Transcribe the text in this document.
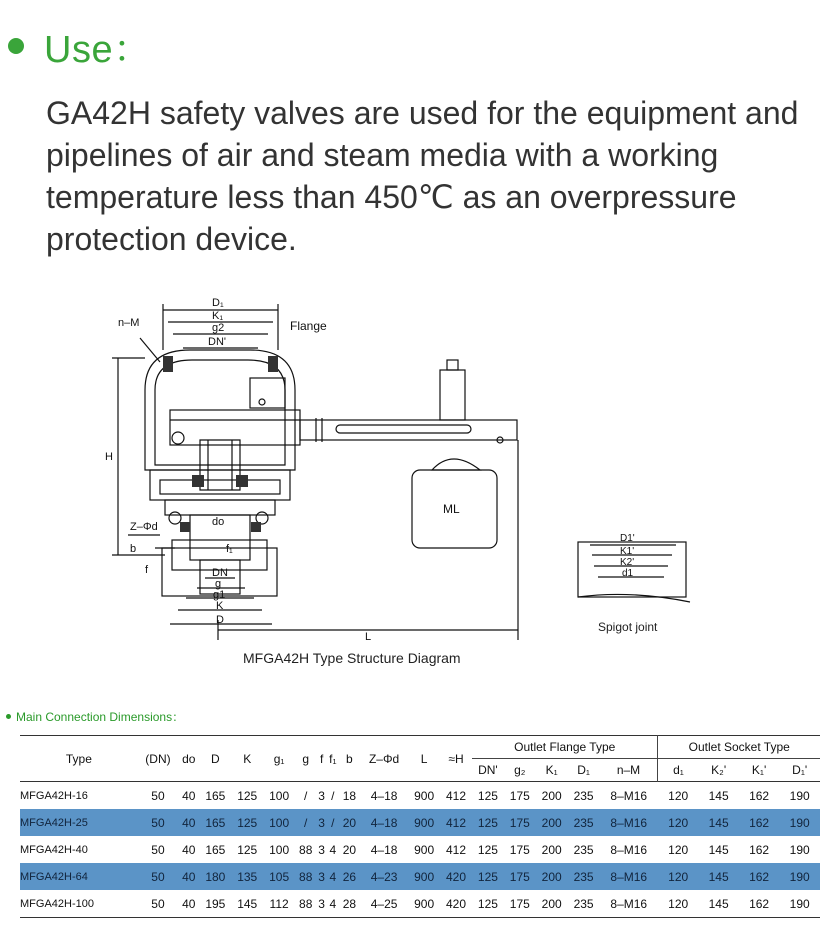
Use：

GA42H safety valves are used for the equipment and pipelines of air and steam media with a working temperature less than 450℃ as an overpressure protection device.

D₁
K₁
g2
DN'
n–M	Flange
H
Z–Φd	do
b
f
f₁
DN
g
g1
K
D
L
ML
D1'
K1'
K2'
d1
MFGA42H Type Structure Diagram
Spigot joint
Main Connection Dimensions：
Type	(DN)	do	D	K	g₁	g	f	f₁	b	Z–Φd	L	≈H	Outlet Flange Type					Outlet Socket Type			
													DN'	g₂	K₁	D₁	n–M	d₁	K₂'	K₁'	D₁'
MFGA42H-16	50	40	165	125	100	/	3	/	18	4–18	900	412	125	175	200	235	8–M16	120	145	162	190
MFGA42H-25	50	40	165	125	100	/	3	/	20	4–18	900	412	125	175	200	235	8–M16	120	145	162	190
MFGA42H-40	50	40	165	125	100	88	3	4	20	4–18	900	412	125	175	200	235	8–M16	120	145	162	190
MFGA42H-64	50	40	180	135	105	88	3	4	26	4–23	900	420	125	175	200	235	8–M16	120	145	162	190
MFGA42H-100	50	40	195	145	112	88	3	4	28	4–25	900	420	125	175	200	235	8–M16	120	145	162	190
